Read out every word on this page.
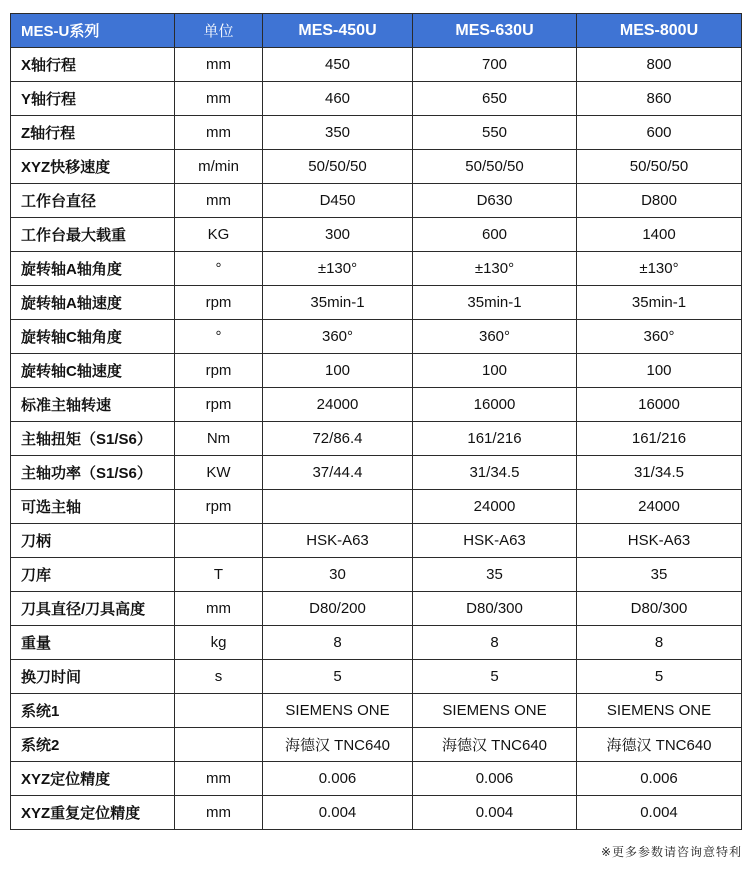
MES-U系列	单位	MES-450U	MES-630U	MES-800U
X轴行程	mm	450	700	800
Y轴行程	mm	460	650	860
Z轴行程	mm	350	550	600
XYZ快移速度	m/min	50/50/50	50/50/50	50/50/50
工作台直径	mm	D450	D630	D800
工作台最大载重	KG	300	600	1400
旋转轴A轴角度	°	±130°	±130°	±130°
旋转轴A轴速度	rpm	35min-1	35min-1	35min-1
旋转轴C轴角度	°	360°	360°	360°
旋转轴C轴速度	rpm	100	100	100
标准主轴转速	rpm	24000	16000	16000
主轴扭矩（S1/S6）	Nm	72/86.4	161/216	161/216
主轴功率（S1/S6）	KW	37/44.4	31/34.5	31/34.5
可选主轴	rpm		24000	24000
刀柄		HSK-A63	HSK-A63	HSK-A63
刀库	T	30	35	35
刀具直径/刀具高度	mm	D80/200	D80/300	D80/300
重量	kg	8	8	8
换刀时间	s	5	5	5
系统1		SIEMENS ONE	SIEMENS ONE	SIEMENS ONE
系统2		海德汉 TNC640	海德汉 TNC640	海德汉 TNC640
XYZ定位精度	mm	0.006	0.006	0.006
XYZ重复定位精度	mm	0.004	0.004	0.004
※更多参数请咨询意特利
